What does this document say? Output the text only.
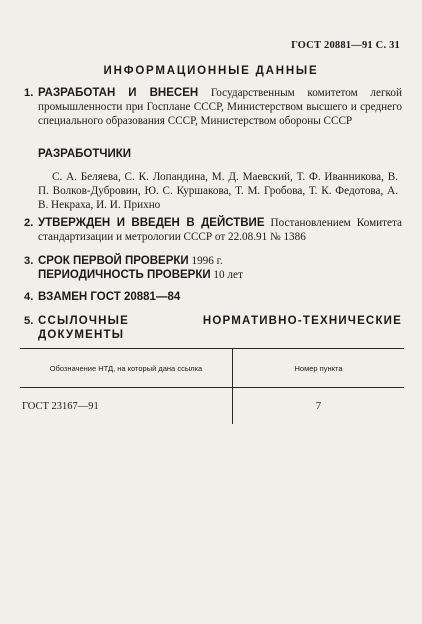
ГОСТ 20881—91 С. 31
ИНФОРМАЦИОННЫЕ ДАННЫЕ
1. РАЗРАБОТАН И ВНЕСЕН Государственным комитетом легкой промышленности при Госплане СССР, Министерством высшего и среднего специального образования СССР, Министерством обороны СССР
РАЗРАБОТЧИКИ
С. А. Беляева, С. К. Лопандина, М. Д. Маевский, Т. Ф. Иванникова, В. П. Волков-Дубровин, Ю. С. Куршакова, Т. М. Гробова, Т. К. Федотова, А. В. Некраха, И. И. Прихно
2. УТВЕРЖДЕН И ВВЕДЕН В ДЕЙСТВИЕ Постановлением Комитета стандартизации и метрологии СССР от 22.08.91 № 1386
3. СРОК ПЕРВОЙ ПРОВЕРКИ 1996 г.
ПЕРИОДИЧНОСТЬ ПРОВЕРКИ 10 лет
4. ВЗАМЕН ГОСТ 20881—84
5. ССЫЛОЧНЫЕ НОРМАТИВНО-ТЕХНИЧЕСКИЕ ДОКУМЕНТЫ
Обозначение НТД, на который дана ссылка	Номер пункта
ГОСТ 23167—91	7
